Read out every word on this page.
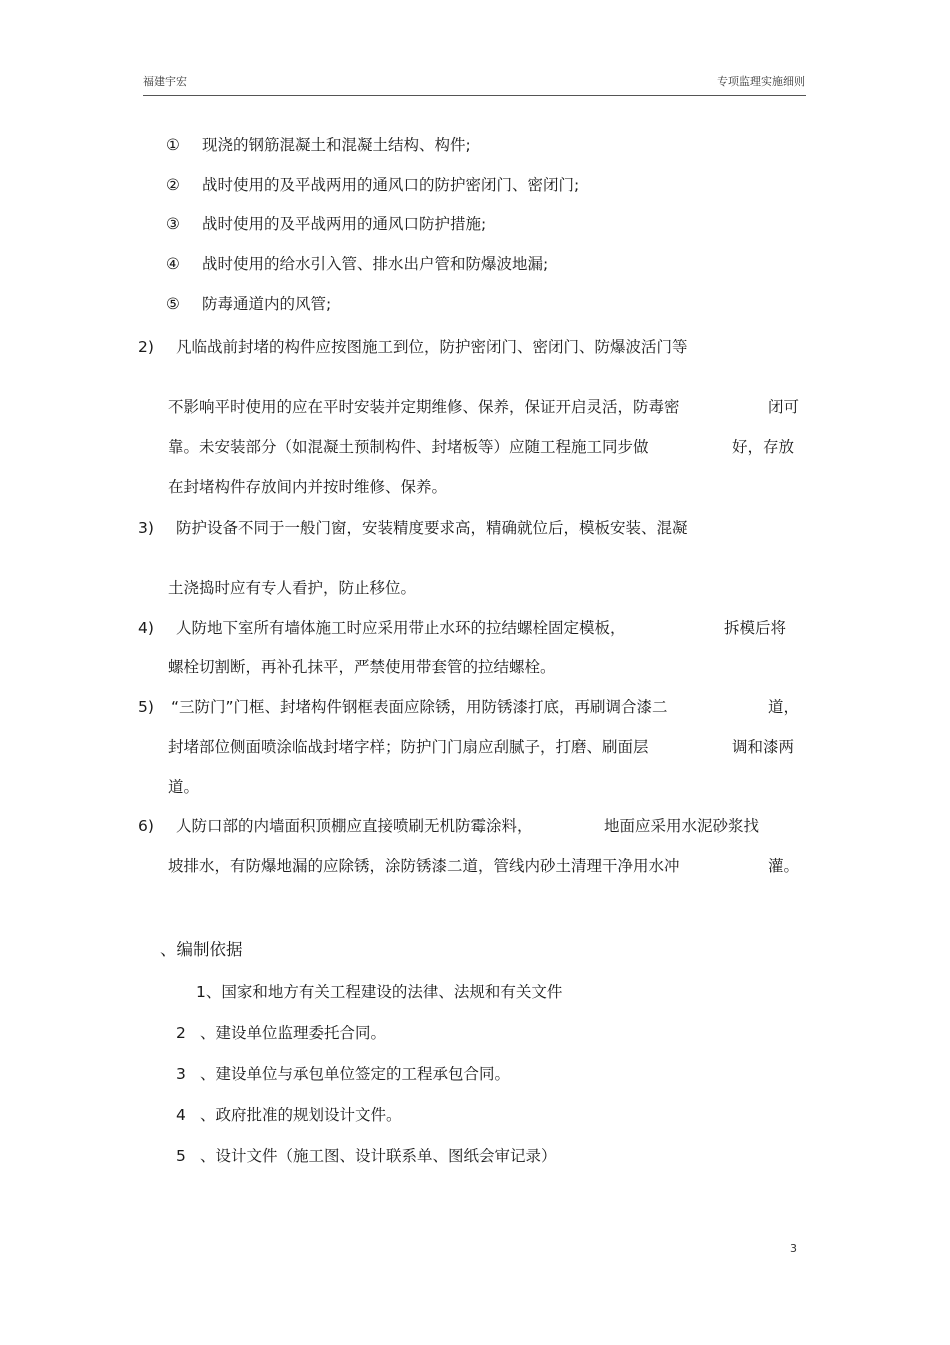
福建宇宏	专项监理实施细则
① 现浇的钢筋混凝土和混凝土结构、构件;
② 战时使用的及平战两用的通风口的防护密闭门、密闭门;
③ 战时使用的及平战两用的通风口防护措施;
④ 战时使用的给水引入管、排水出户管和防爆波地漏;
⑤ 防毒通道内的风管;
2) 凡临战前封堵的构件应按图施工到位，防护密闭门、密闭门、防爆波活门等
不影响平时使用的应在平时安装并定期维修、保养，保证开启灵活，防毒密	闭可
靠。未安装部分（如混凝土预制构件、封堵板等）应随工程施工同步做	好，存放
在封堵构件存放间内并按时维修、保养。
3) 防护设备不同于一般门窗，安装精度要求高，精确就位后，模板安装、混凝
土浇捣时应有专人看护，防止移位。
4) 人防地下室所有墙体施工时应采用带止水环的拉结螺栓固定模板，	拆模后将
螺栓切割断，再补孔抹平，严禁使用带套管的拉结螺栓。
5) “三防门”门框、封堵构件钢框表面应除锈，用防锈漆打底，再刷调合漆二	道，
封堵部位侧面喷涂临战封堵字样；防护门门扇应刮腻子，打磨、刷面层	调和漆两
道。
6) 人防口部的内墙面积顶棚应直接喷刷无机防霉涂料，	地面应采用水泥砂浆找
坡排水，有防爆地漏的应除锈，涂防锈漆二道，管线内砂土清理干净用水冲	灌。
、编制依据
1、国家和地方有关工程建设的法律、法规和有关文件
2 、建设单位监理委托合同。
3 、建设单位与承包单位签定的工程承包合同。
4 、政府批准的规划设计文件。
5 、设计文件（施工图、设计联系单、图纸会审记录）
3
